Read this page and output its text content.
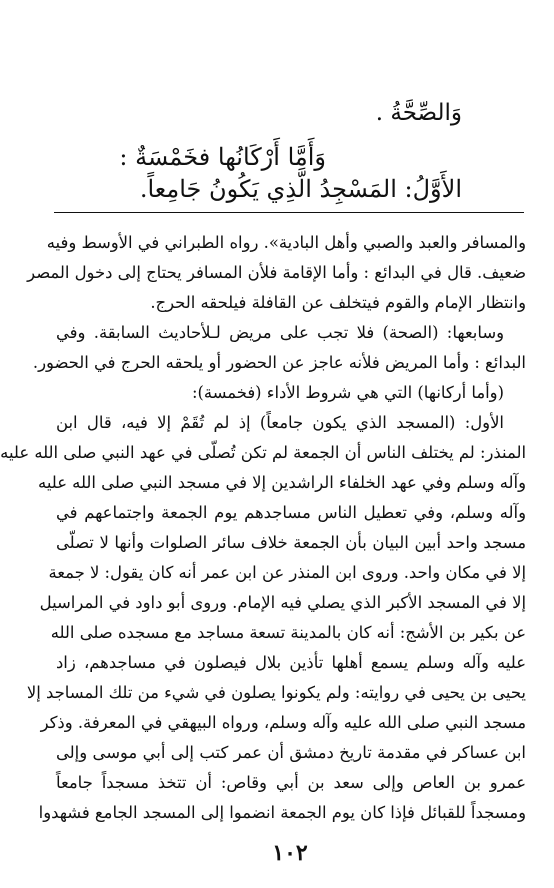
وَالصِّحَّةُ .
وَأَمَّا أَرْكَانُها فخَمْسَةٌ :
الأَوَّلُ: المَسْجِدُ الَّذِي يَكُونُ جَامِعاً.
والمسافر والعبد والصبي وأهل البادية». رواه الطبراني في الأوسط وفيه
ضعيف. قال في البدائع : وأما الإقامة فلأن المسافر يحتاج إلى دخول المصر
وانتظار الإمام والقوم فيتخلف عن القافلة فيلحقه الحرج.
وسابعها: (الصحة) فلا تجب على مريض لـلأحاديث السابقة. وفي
البدائع : وأما المريض فلأنه عاجز عن الحضور أو يلحقه الحرج في الحضور.
(وأما أركانها) التي هي شروط الأداء (فخمسة):
الأول: (المسجد الذي يكون جامعاً) إذ لم تُقَمْ إلا فيه، قال ابن
المنذر: لم يختلف الناس أن الجمعة لم تكن تُصلّى في عهد النبي صلى الله عليه
وآله وسلم وفي عهد الخلفاء الراشدين إلا في مسجد النبي صلى الله عليه
وآله وسلم، وفي تعطيل الناس مساجدهم يوم الجمعة واجتماعهم في
مسجد واحد أبين البيان بأن الجمعة خلاف سائر الصلوات وأنها لا تصلّى
إلا في مكان واحد. وروى ابن المنذر عن ابن عمر أنه كان يقول: لا جمعة
إلا في المسجد الأكبر الذي يصلي فيه الإمام. وروى أبو داود في المراسيل
عن بكير بن الأشج: أنه كان بالمدينة تسعة مساجد مع مسجده صلى الله
عليه وآله وسلم يسمع أهلها تأذين بلال فيصلون في مساجدهم، زاد
يحيى بن يحيى في روايته: ولم يكونوا يصلون في شيء من تلك المساجد إلا
مسجد النبي صلى الله عليه وآله وسلم، ورواه البيهقي في المعرفة. وذكر
ابن عساكر في مقدمة تاريخ دمشق أن عمر كتب إلى أبي موسى وإلى
عمرو بن العاص وإلى سعد بن أبي وقاص: أن تتخذ مسجداً جامعاً
ومسجداً للقبائل فإذا كان يوم الجمعة انضموا إلى المسجد الجامع فشهدوا
١٠٢
